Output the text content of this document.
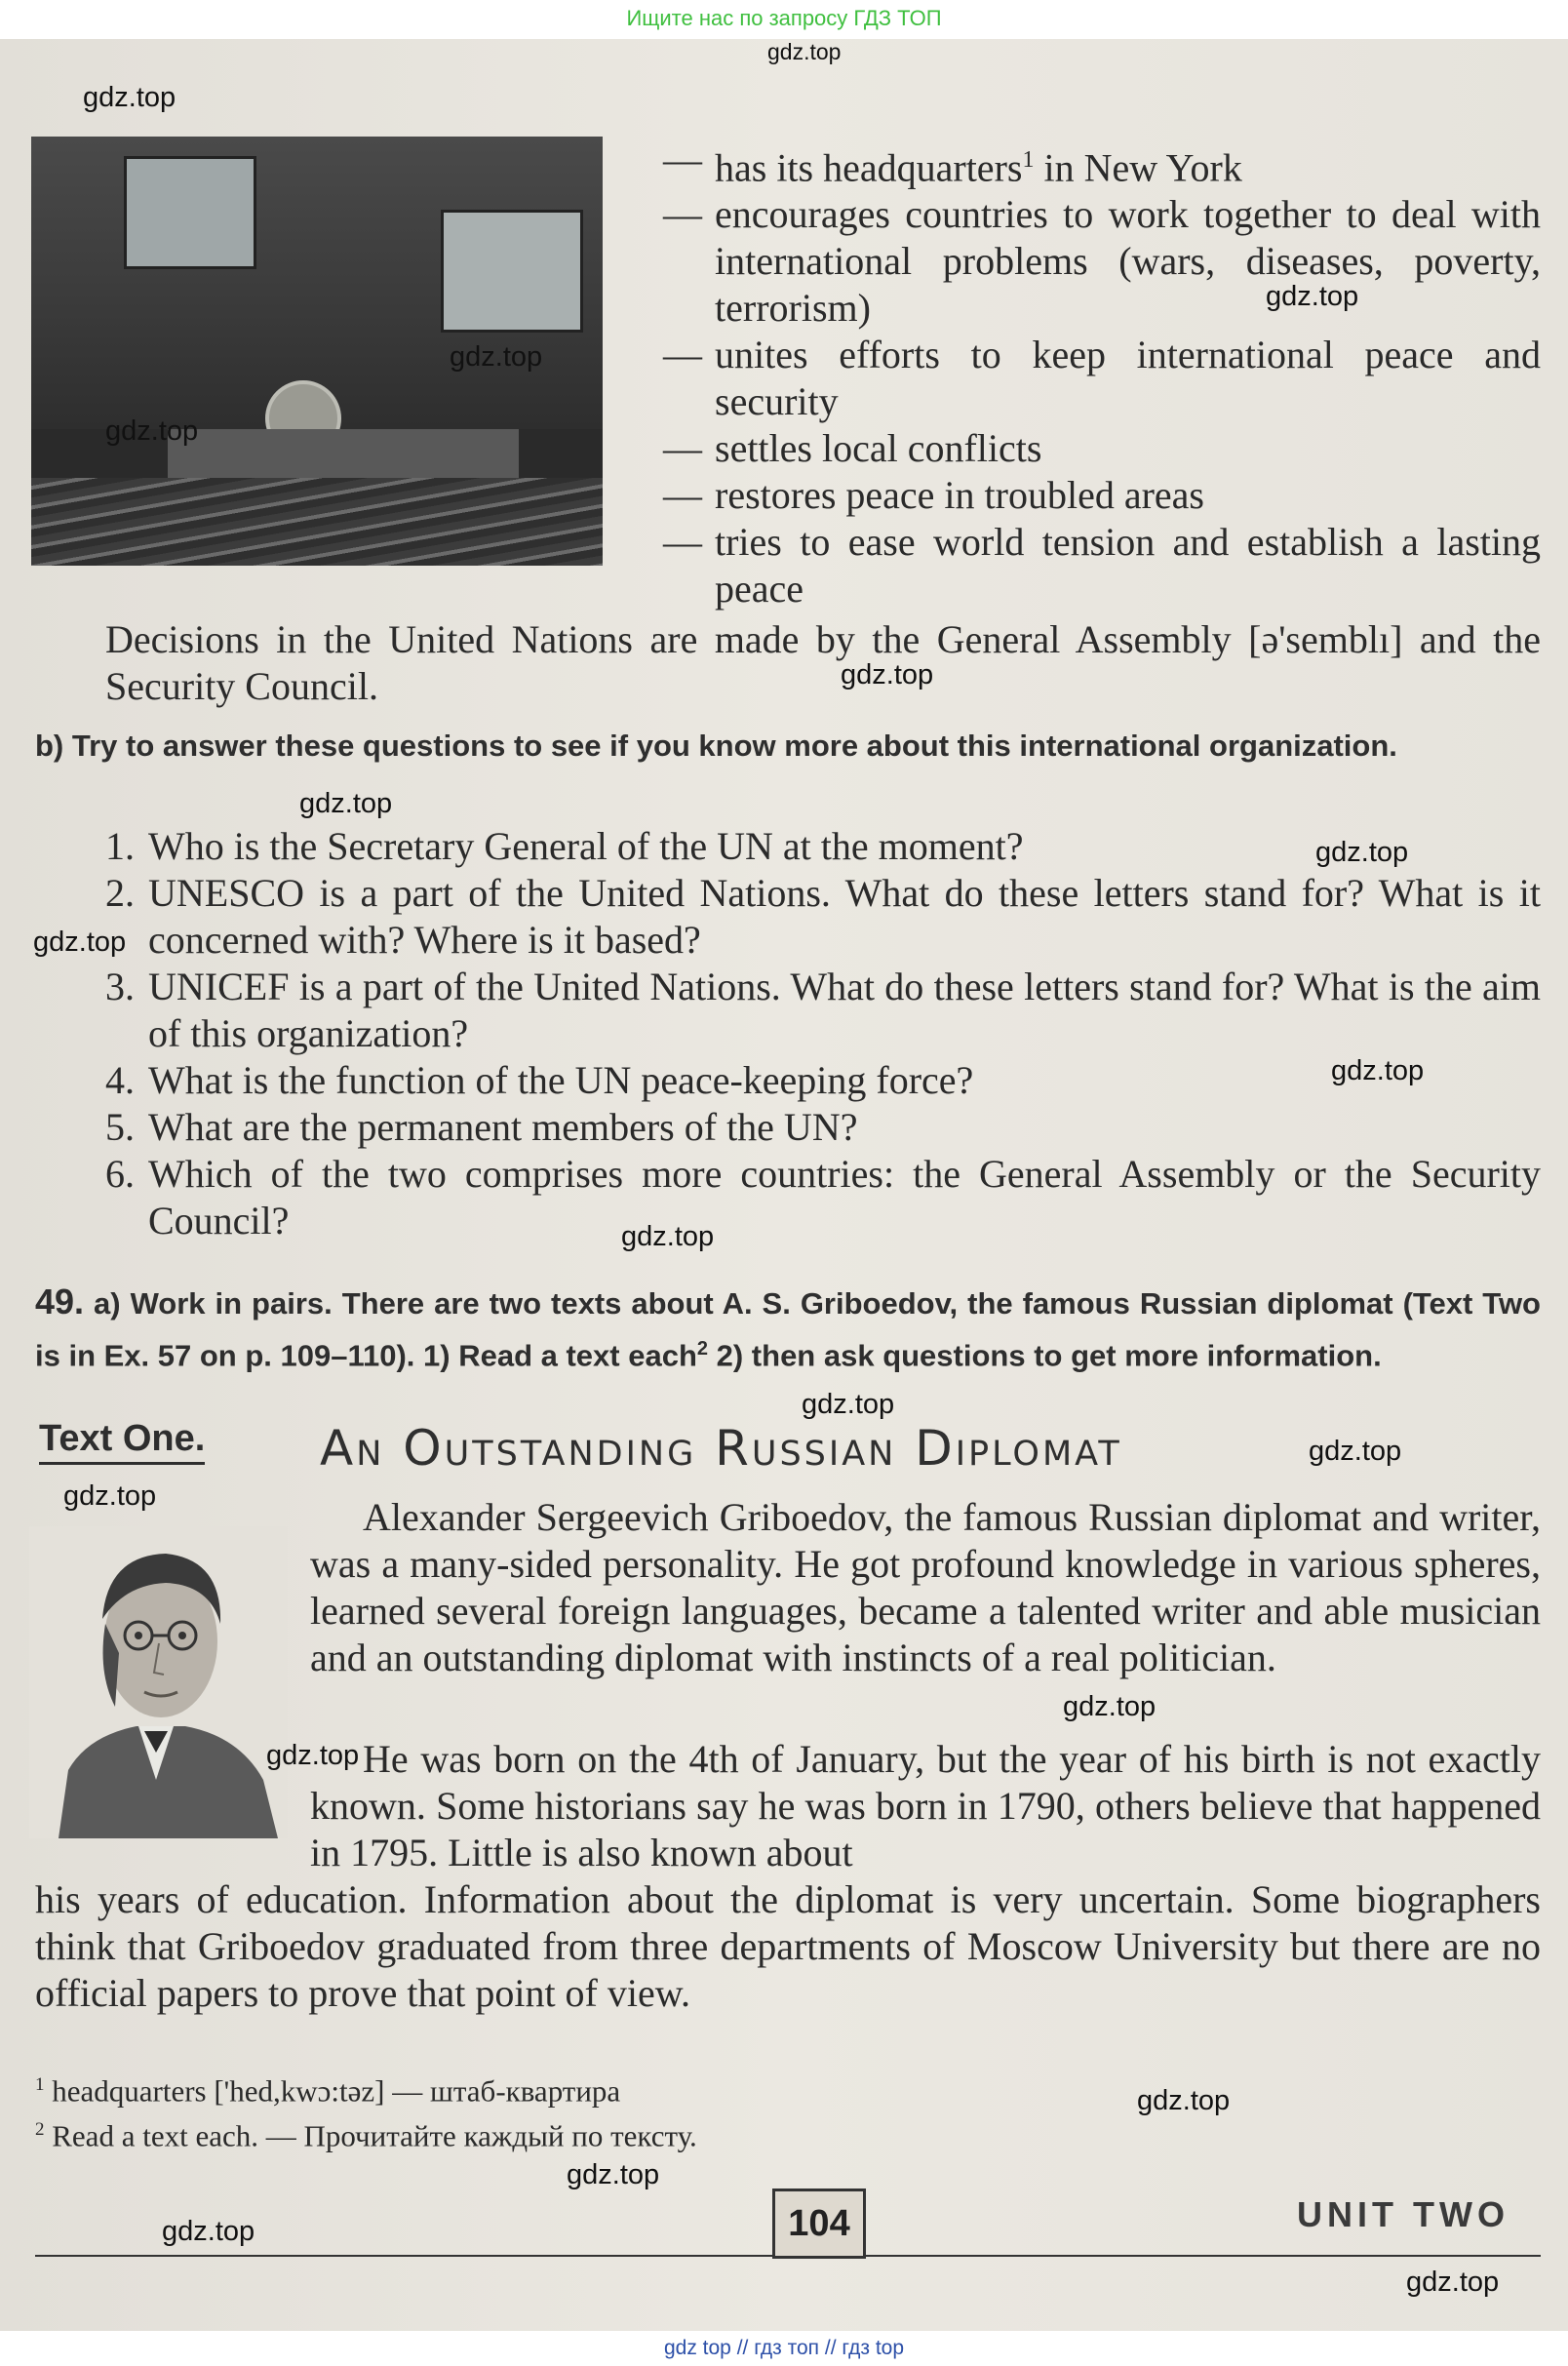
Ищите нас по запросу ГДЗ ТОП
— has its headquarters$^1$ in New York
— encourages countries to work together to deal with international problems (wars, diseases, poverty, terrorism)
— unites efforts to keep international peace and security
— settles local conflicts
— restores peace in troubled areas
— tries to ease world tension and establish a lasting peace

Decisions in the United Nations are made by the General Assembly [ə'semblı] and the Security Council.

b) Try to answer these questions to see if you know more about this international organization.
1. Who is the Secretary General of the UN at the moment?
2. UNESCO is a part of the United Nations. What do these letters stand for? What is it concerned with? Where is it based?
3. UNICEF is a part of the United Nations. What do these letters stand for? What is the aim of this organization?
4. What is the function of the UN peace-keeping force?
5. What are the permanent members of the UN?
6. Which of the two comprises more countries: the General Assembly or the Security Council?
49. a) Work in pairs. There are two texts about A. S. Griboedov, the famous Russian diplomat (Text Two is in Ex. 57 on p. 109–110). 1) Read a text each$^2$ 2) then ask questions to get more information.
Text One. An Outstanding Russian Diplomat

Alexander Sergeevich Griboedov, the famous Russian diplomat and writer, was a many-sided personality. He got profound knowledge in various spheres, learned several foreign languages, became a talented writer and able musician and an outstanding diplomat with instincts of a real politician.

He was born on the 4th of January, but the year of his birth is not exactly known. Some historians say he was born in 1790, others believe that happened in 1795. Little is also known about

his years of education. Information about the diplomat is very uncertain. Some biographers think that Griboedov graduated from three departments of Moscow University but there are no official papers to prove that point of view.

$^1$ headquarters ['hed,kwɔ:təz] — штаб-квартира

$^2$ Read a text each. — Прочитайте каждый по тексту.

104	UNIT TWO
gdz.top
gdz.top
gdz.top
gdz.top
gdz.top
gdz.top
gdz.top
gdz.top
gdz.top
gdz.top
gdz.top
gdz.top
gdz.top
gdz.top
gdz.top
gdz.top
gdz.top
gdz.top
gdz.top
gdz.top
gdz top // гдз топ // гдз top
